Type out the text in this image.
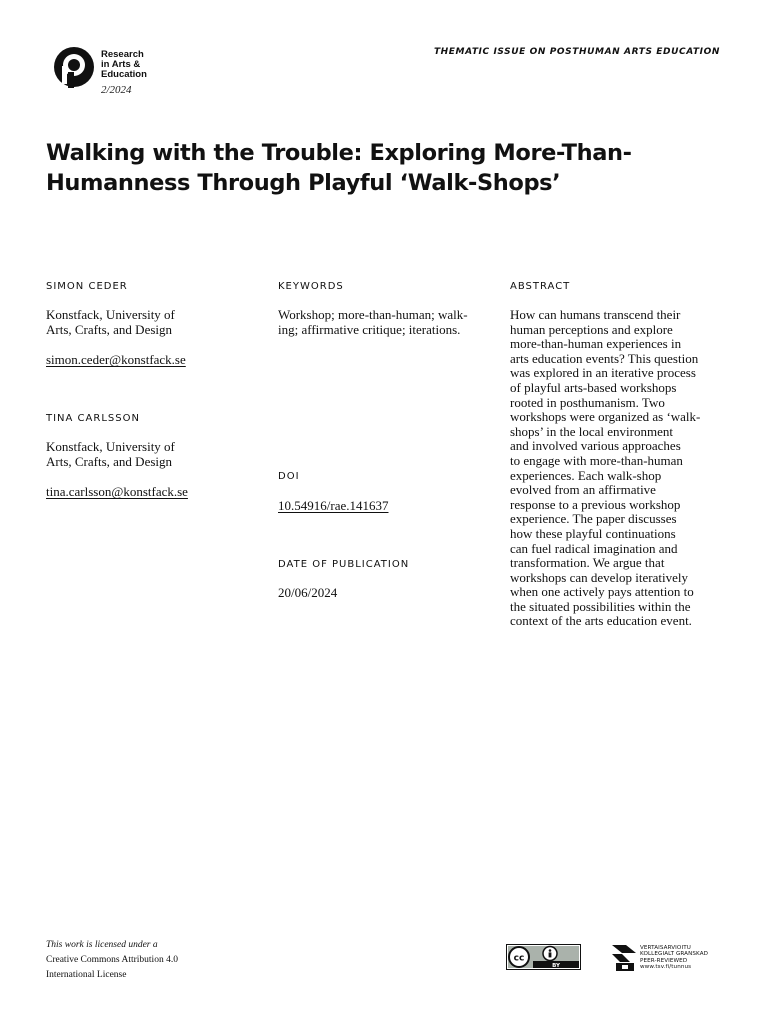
Research
in Arts &
Education
2/2024
THEMATIC ISSUE ON POSTHUMAN ARTS EDUCATION
Walking with the Trouble: Exploring More-Than-Humanness Through Playful ‘Walk-Shops’
SIMON CEDER
Konstfack, University of
Arts, Crafts, and Design
simon.ceder@konstfack.se
TINA CARLSSON
Konstfack, University of
Arts, Crafts, and Design
tina.carlsson@konstfack.se
KEYWORDS
Workshop; more-than-human; walk-
ing; affirmative critique; iterations.
DOI
10.54916/rae.141637
DATE OF PUBLICATION
20/06/2024
ABSTRACT
How can humans transcend their
human perceptions and explore
more-than-human experiences in
arts education events? This question
was explored in an iterative process
of playful arts-based workshops
rooted in posthumanism. Two
workshops were organized as ‘walk-
shops’ in the local environment
and involved various approaches
to engage with more-than-human
experiences. Each walk-shop
evolved from an affirmative
response to a previous workshop
experience. The paper discusses
how these playful continuations
can fuel radical imagination and
transformation. We argue that
workshops can develop iteratively
when one actively pays attention to
the situated possibilities within the
context of the arts education event.
This work is licensed under a
Creative Commons Attribution 4.0
International License
cc
BY
VERTAISARVIOITU
KOLLEGIALT GRANSKAD
PEER-REVIEWED
www.tsv.fi/tunnus
